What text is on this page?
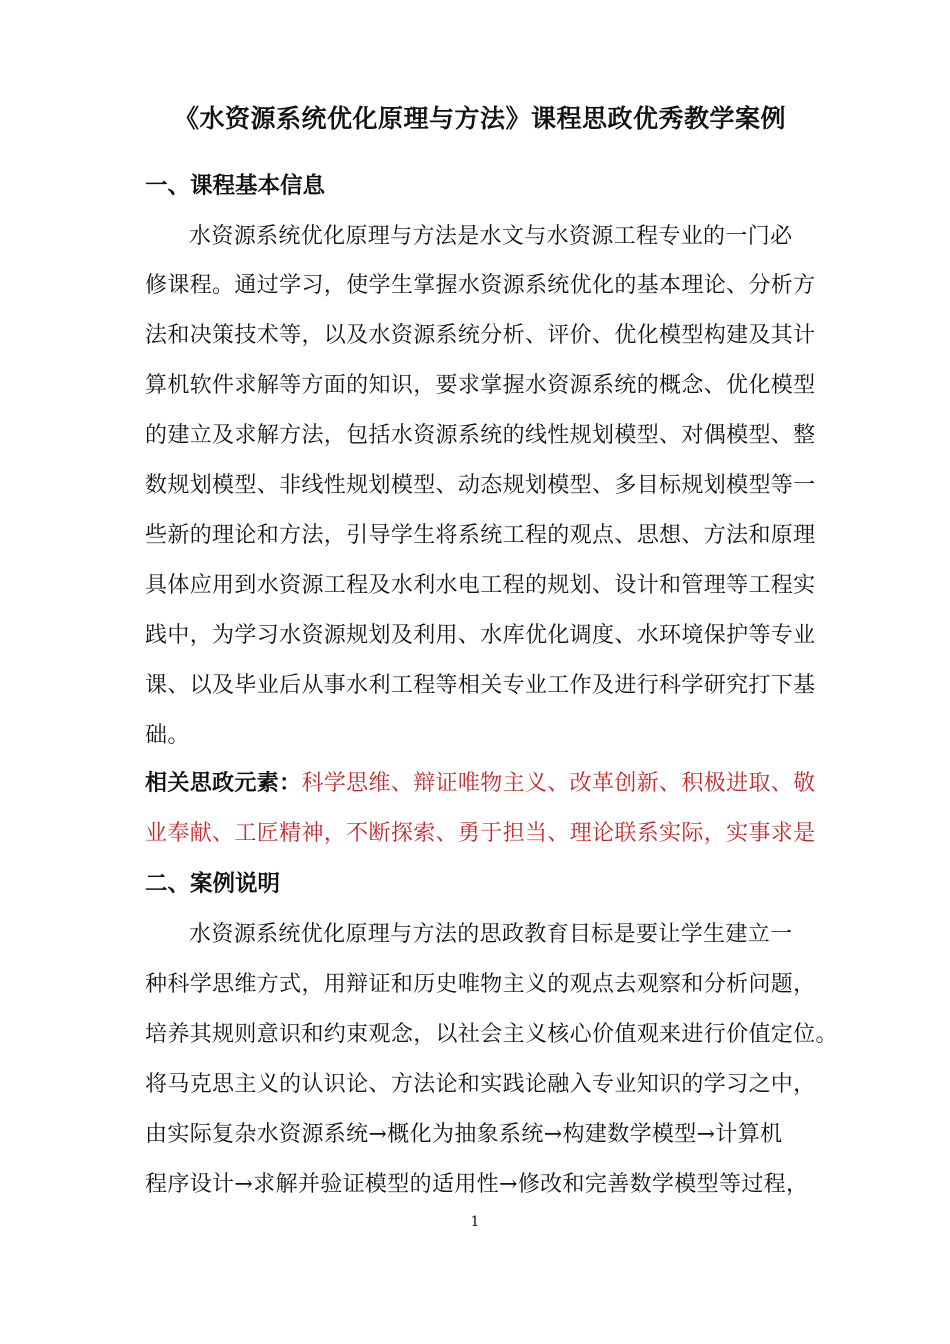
《水资源系统优化原理与方法》课程思政优秀教学案例
一、课程基本信息
水资源系统优化原理与方法是水文与水资源工程专业的一门必
修课程。通过学习，使学生掌握水资源系统优化的基本理论、分析方
法和决策技术等，以及水资源系统分析、评价、优化模型构建及其计
算机软件求解等方面的知识，要求掌握水资源系统的概念、优化模型
的建立及求解方法，包括水资源系统的线性规划模型、对偶模型、整
数规划模型、非线性规划模型、动态规划模型、多目标规划模型等一
些新的理论和方法，引导学生将系统工程的观点、思想、方法和原理
具体应用到水资源工程及水利水电工程的规划、设计和管理等工程实
践中，为学习水资源规划及利用、水库优化调度、水环境保护等专业
课、以及毕业后从事水利工程等相关专业工作及进行科学研究打下基
础。
相关思政元素：科学思维、辩证唯物主义、改革创新、积极进取、敬
业奉献、工匠精神，不断探索、勇于担当、理论联系实际，实事求是
二、案例说明
水资源系统优化原理与方法的思政教育目标是要让学生建立一
种科学思维方式，用辩证和历史唯物主义的观点去观察和分析问题，
培养其规则意识和约束观念，以社会主义核心价值观来进行价值定位。
将马克思主义的认识论、方法论和实践论融入专业知识的学习之中，
由实际复杂水资源系统→概化为抽象系统→构建数学模型→计算机
程序设计→求解并验证模型的适用性→修改和完善数学模型等过程，
1
